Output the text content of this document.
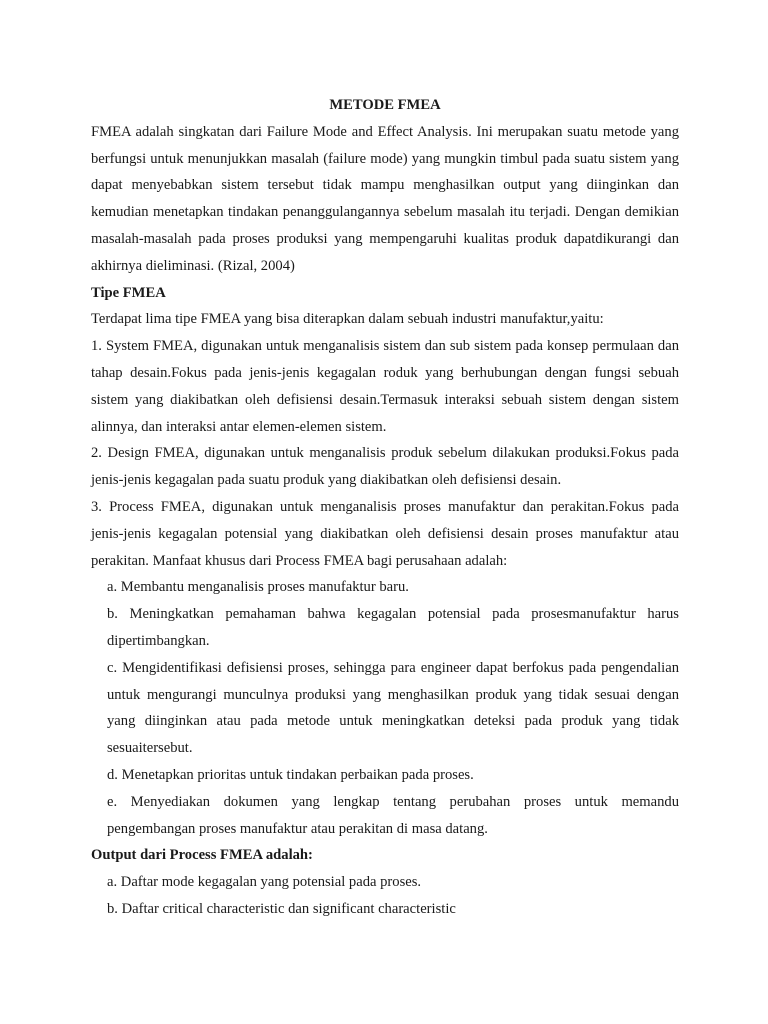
METODE FMEA

FMEA adalah singkatan dari Failure Mode and Effect Analysis. Ini merupakan suatu metode yang berfungsi untuk menunjukkan masalah (failure mode) yang mungkin timbul pada suatu sistem yang dapat menyebabkan sistem tersebut tidak mampu menghasilkan output yang diinginkan dan kemudian menetapkan tindakan penanggulangannya sebelum masalah itu terjadi. Dengan demikian masalah-masalah pada proses produksi yang mempengaruhi kualitas produk dapatdikurangi dan akhirnya dieliminasi. (Rizal, 2004)

Tipe FMEA

Terdapat lima tipe FMEA yang bisa diterapkan dalam sebuah industri manufaktur,yaitu:

1. System FMEA, digunakan untuk menganalisis sistem dan sub sistem pada konsep permulaan dan tahap desain.Fokus pada jenis-jenis kegagalan roduk yang berhubungan dengan fungsi sebuah sistem yang diakibatkan oleh defisiensi desain.Termasuk interaksi sebuah sistem dengan sistem alinnya, dan interaksi antar elemen-elemen sistem.

2. Design FMEA, digunakan untuk menganalisis produk sebelum dilakukan produksi.Fokus pada jenis-jenis kegagalan pada suatu produk yang diakibatkan oleh defisiensi desain.

3. Process FMEA, digunakan untuk menganalisis proses manufaktur dan perakitan.Fokus pada jenis-jenis kegagalan potensial yang diakibatkan oleh defisiensi desain proses manufaktur atau perakitan. Manfaat khusus dari Process FMEA bagi perusahaan adalah:

a. Membantu menganalisis proses manufaktur baru.

b. Meningkatkan pemahaman bahwa kegagalan potensial pada prosesmanufaktur harus dipertimbangkan.

c. Mengidentifikasi defisiensi proses, sehingga para engineer dapat berfokus pada pengendalian untuk mengurangi munculnya produksi yang menghasilkan produk yang tidak sesuai dengan yang diinginkan atau pada metode untuk meningkatkan deteksi pada produk yang tidak sesuaitersebut.

d. Menetapkan prioritas untuk tindakan perbaikan pada proses.

e. Menyediakan dokumen yang lengkap tentang perubahan proses untuk memandu pengembangan proses manufaktur atau perakitan di masa datang.

Output dari Process FMEA adalah:

a. Daftar mode kegagalan yang potensial pada proses.

b. Daftar critical characteristic dan significant characteristic
